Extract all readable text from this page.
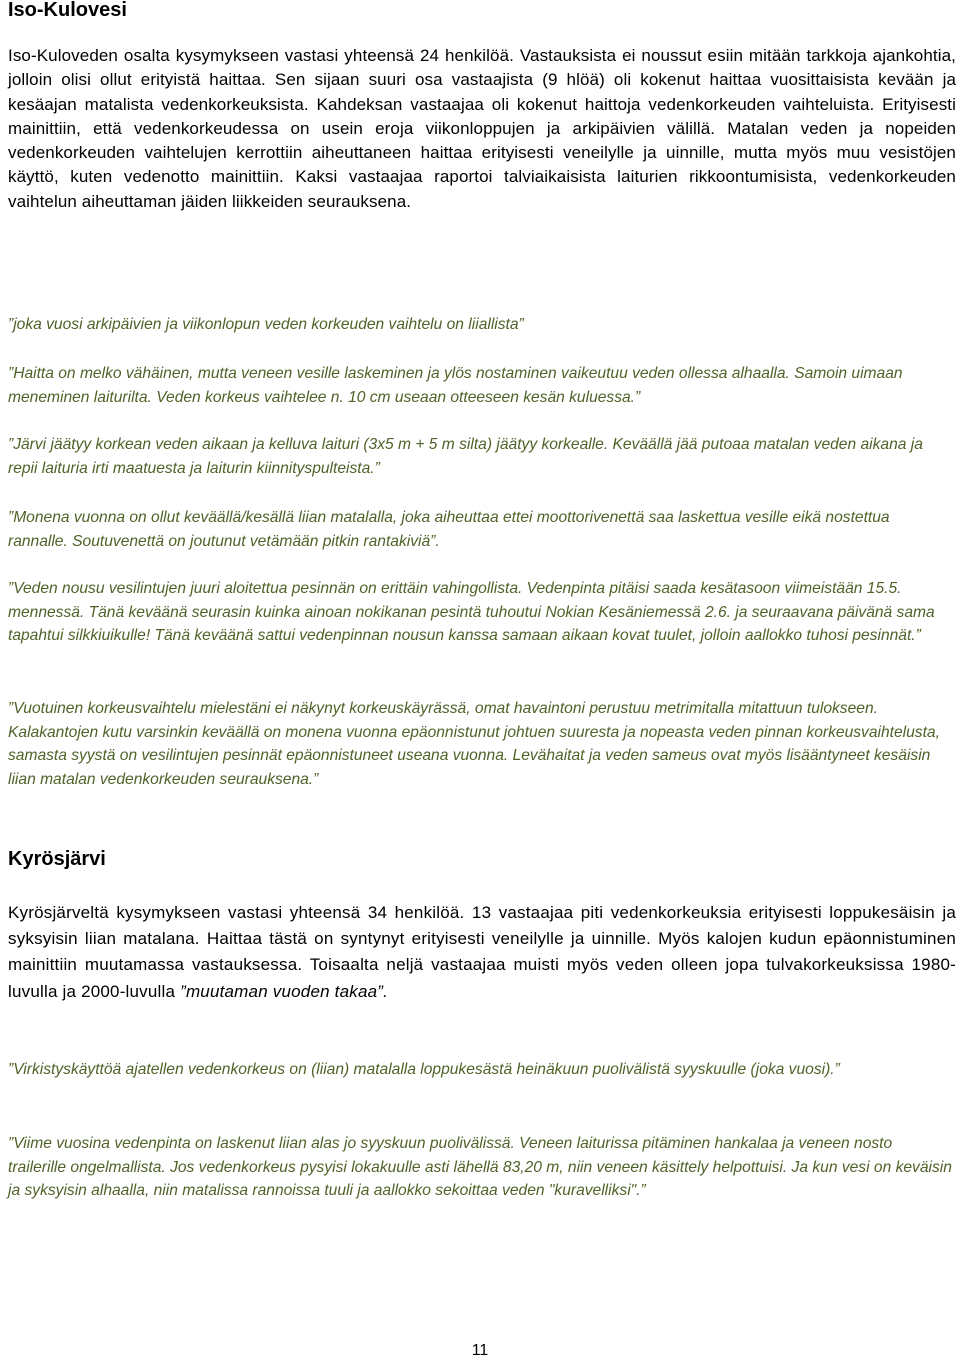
Iso-Kulovesi

Iso-Kuloveden osalta kysymykseen vastasi yhteensä 24 henkilöä. Vastauksista ei noussut esiin mitään tarkkoja ajankohtia, jolloin olisi ollut erityistä haittaa. Sen sijaan suuri osa vastaajista (9 hlöä) oli kokenut haittaa vuosittaisista kevään ja kesäajan matalista vedenkorkeuksista. Kahdeksan vastaajaa oli kokenut haittoja vedenkorkeuden vaihteluista. Erityisesti mainittiin, että vedenkorkeudessa on usein eroja viikonloppujen ja arkipäivien välillä. Matalan veden ja nopeiden vedenkorkeuden vaihtelujen kerrottiin aiheuttaneen haittaa erityisesti veneilylle ja uinnille, mutta myös muu vesistöjen käyttö, kuten vedenotto mainittiin. Kaksi vastaajaa raportoi talviaikaisista laiturien rikkoontumisista, vedenkorkeuden vaihtelun aiheuttaman jäiden liikkeiden seurauksena.

”joka vuosi arkipäivien ja viikonlopun veden korkeuden vaihtelu on liiallista”

”Haitta on melko vähäinen, mutta veneen vesille laskeminen ja ylös nostaminen vaikeutuu veden ollessa alhaalla. Samoin uimaan meneminen laiturilta. Veden korkeus vaihtelee n. 10 cm useaan otteeseen kesän kuluessa.”

”Järvi jäätyy korkean veden aikaan ja kelluva laituri (3x5 m + 5 m silta) jäätyy korkealle. Keväällä jää putoaa matalan veden aikana ja repii laituria irti maatuesta ja laiturin kiinnityspulteista.”

”Monena vuonna on ollut keväällä/kesällä liian matalalla, joka aiheuttaa ettei moottorivenettä saa laskettua vesille eikä nostettua rannalle. Soutuvenettä on joutunut vetämään pitkin rantakiviä”.

”Veden nousu vesilintujen juuri aloitettua pesinnän on erittäin vahingollista. Vedenpinta pitäisi saada kesätasoon viimeistään 15.5. mennessä. Tänä keväänä seurasin kuinka ainoan nokikanan pesintä tuhoutui Nokian Kesäniemessä 2.6. ja seuraavana päivänä sama tapahtui silkkiuikulle! Tänä keväänä sattui vedenpinnan nousun kanssa samaan aikaan kovat tuulet, jolloin aallokko tuhosi pesinnät.”

”Vuotuinen korkeusvaihtelu mielestäni ei näkynyt korkeuskäyrässä, omat havaintoni perustuu metrimitalla mitattuun tulokseen. Kalakantojen kutu varsinkin keväällä on monena vuonna epäonnistunut johtuen suuresta ja nopeasta veden pinnan korkeusvaihtelusta, samasta syystä on vesilintujen pesinnät epäonnistuneet useana vuonna. Levähaitat ja veden sameus ovat myös lisääntyneet kesäisin liian matalan vedenkorkeuden seurauksena.”

Kyrösjärvi

Kyrösjärveltä kysymykseen vastasi yhteensä 34 henkilöä. 13 vastaajaa piti vedenkorkeuksia erityisesti loppukesäisin ja syksyisin liian matalana. Haittaa tästä on syntynyt erityisesti veneilylle ja uinnille. Myös kalojen kudun epäonnistuminen mainittiin muutamassa vastauksessa. Toisaalta neljä vastaajaa muisti myös veden olleen jopa tulvakorkeuksissa 1980-luvulla ja 2000-luvulla ”muutaman vuoden takaa”.

”Virkistyskäyttöä ajatellen vedenkorkeus on (liian) matalalla loppukesästä heinäkuun puolivälistä syyskuulle (joka vuosi).”

”Viime vuosina vedenpinta on laskenut liian alas jo syyskuun puolivälissä. Veneen laiturissa pitäminen hankalaa ja veneen nosto trailerille ongelmallista. Jos vedenkorkeus pysyisi lokakuulle asti lähellä 83,20 m, niin veneen käsittely helpottuisi. Ja kun vesi on keväisin ja syksyisin alhaalla, niin matalissa rannoissa tuuli ja aallokko sekoittaa veden "kuravelliksi".”

11
